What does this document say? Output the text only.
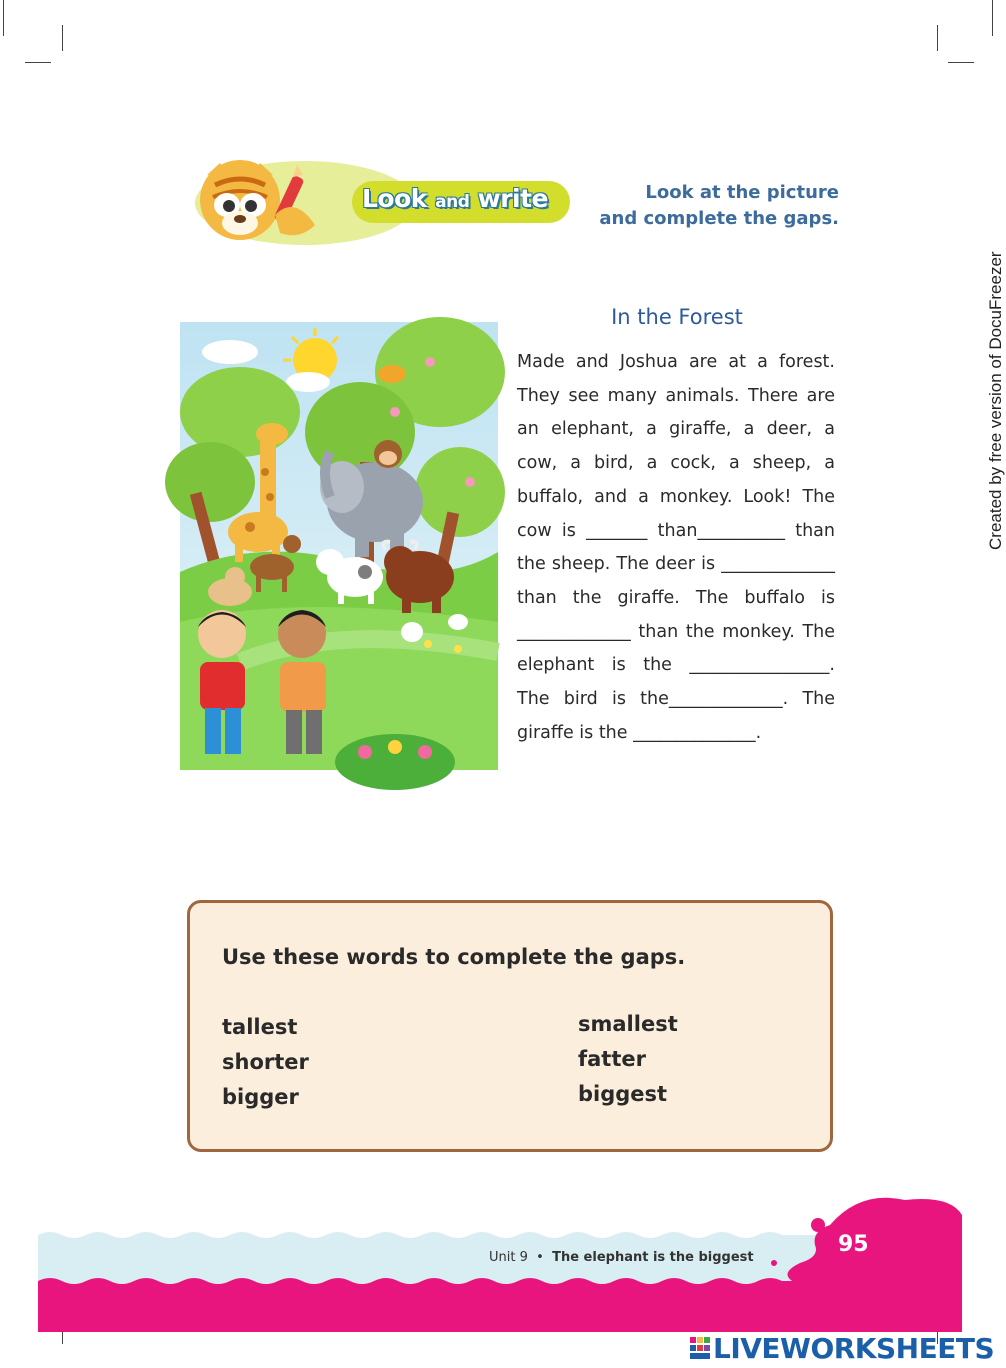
Look and write	Look at the picture
and complete the gaps.
In the Forest
Made and Joshua are at a forest. They see many animals. There are an elephant, a giraffe, a deer, a cow, a bird, a cock, a sheep, a buffalo, and a monkey. Look! The cow is _______ than__________ than the sheep. The deer is _____________ than the giraffe. The buffalo is _____________ than the monkey. The elephant is the ________________. The bird is the_____________. The giraffe is the ______________.
Use these words to complete the gaps.
tallest
shorter
bigger
smallest
fatter
biggest
Unit 9 • The elephant is the biggest
95
Created by free version of DocuFreezer
LIVEWORKSHEETS
